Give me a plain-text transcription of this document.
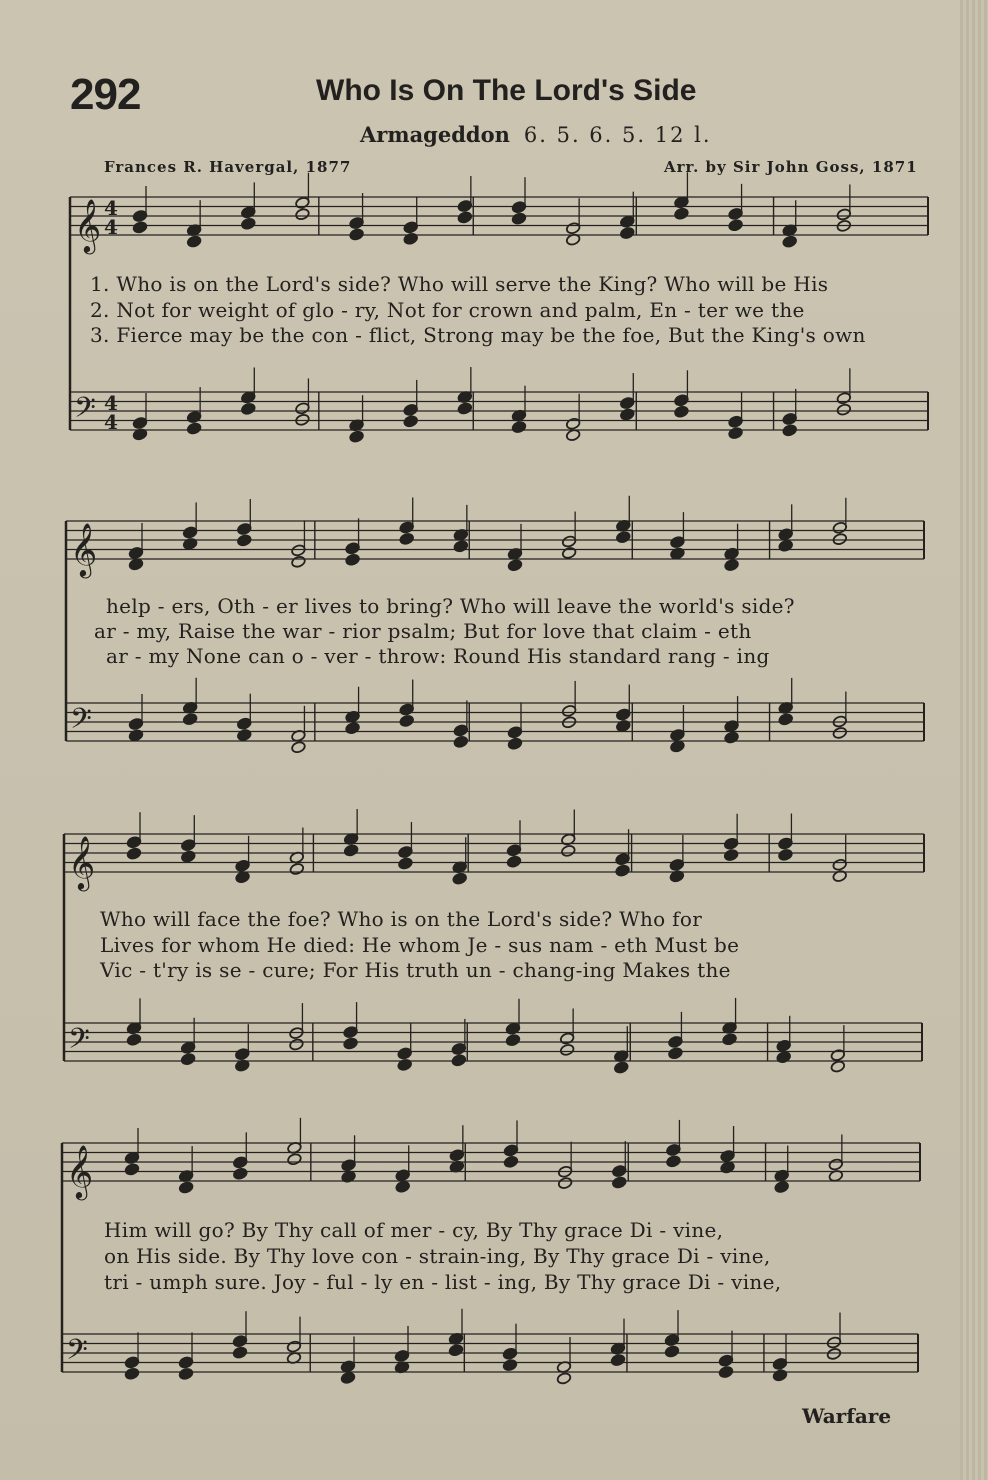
292	Who Is On The Lord's Side
Armageddon 6. 5. 6. 5. 12 l.
Frances R. Havergal, 1877	Arr. by Sir John Goss, 1871
𝄞 4
4
𝄢 4
4
𝄞
𝄢
𝄞
𝄢
𝄞
𝄢
1. Who is on the Lord's side? Who will serve the King? Who will be His
2. Not for weight of glo - ry, Not for crown and palm, En - ter we the
3. Fierce may be the con - flict, Strong may be the foe, But the King's own
help - ers, Oth - er lives to bring? Who will leave the world's side?
ar - my, Raise the war - rior psalm; But for love that claim - eth
ar - my None can o - ver - throw: Round His standard rang - ing
Who will face the foe? Who is on the Lord's side? Who for
Lives for whom He died: He whom Je - sus nam - eth Must be
Vic - t'ry is se - cure; For His truth un - chang-ing Makes the
Him will go? By Thy call of mer - cy, By Thy grace Di - vine,
on His side. By Thy love con - strain-ing, By Thy grace Di - vine,
tri - umph sure. Joy - ful - ly en - list - ing, By Thy grace Di - vine,
Warfare
